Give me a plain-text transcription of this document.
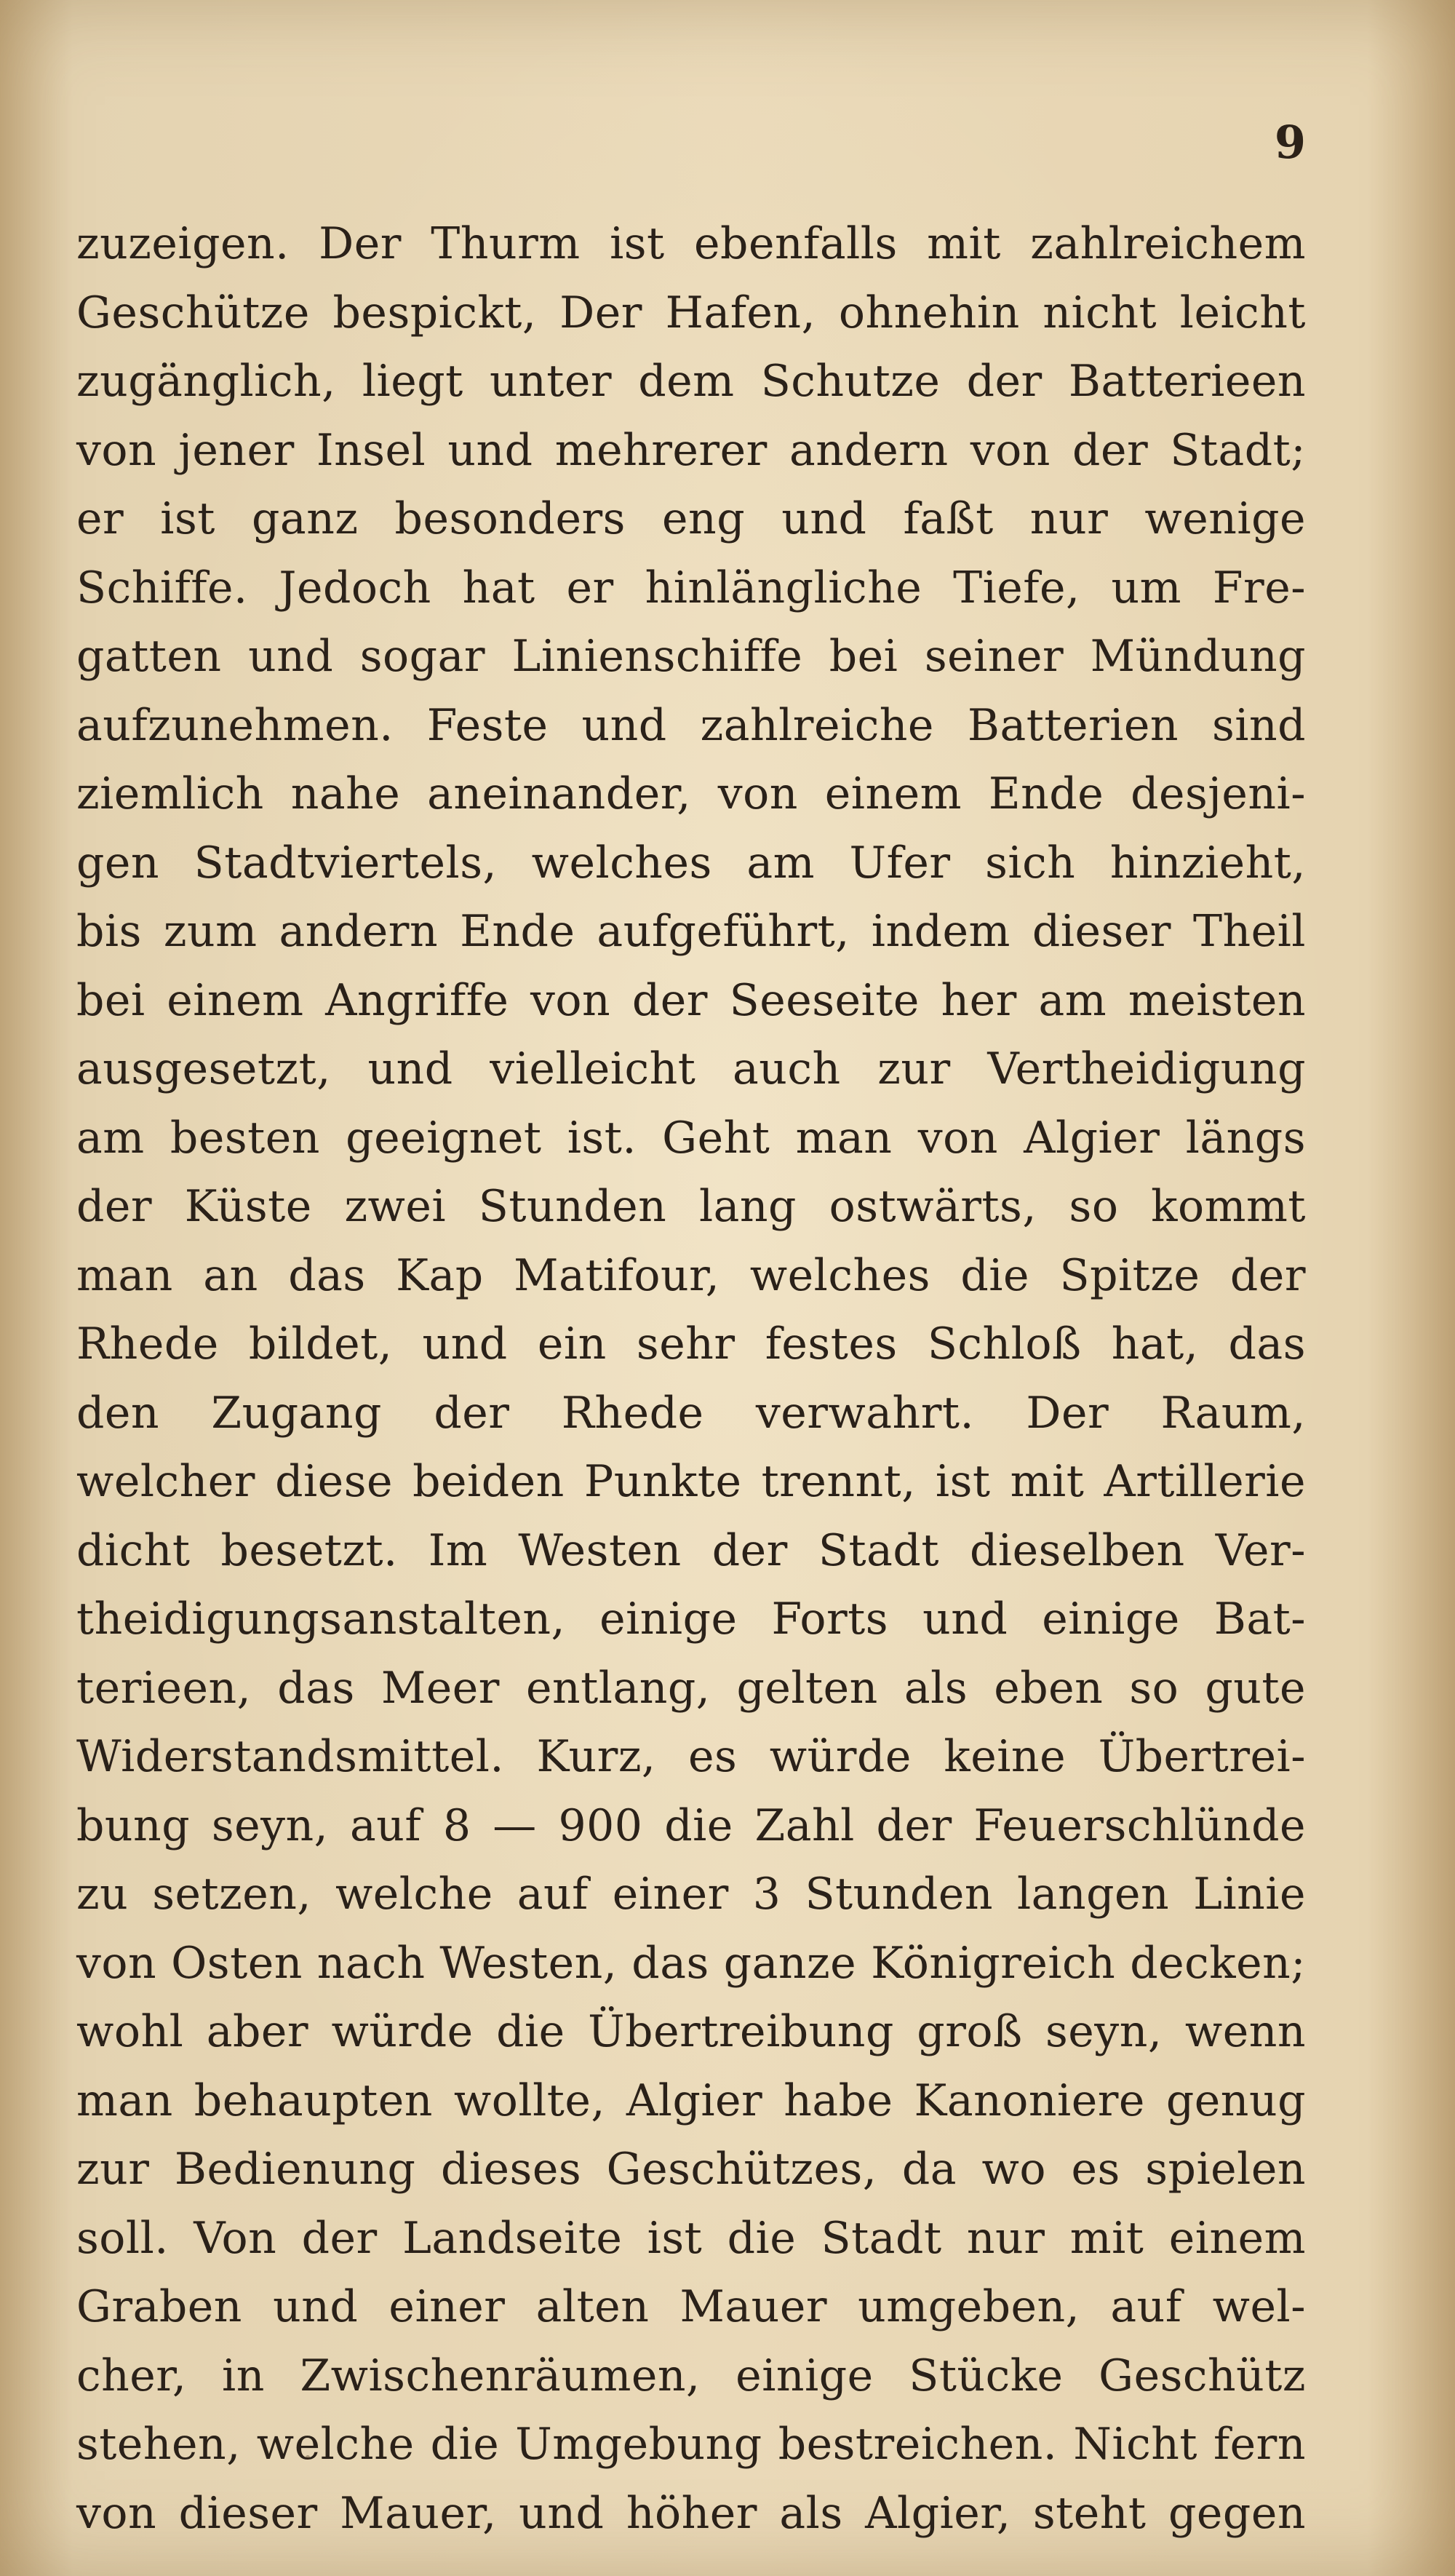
9
zuzeigen. Der Thurm ist ebenfalls mit zahlreichem
Geschütze bespickt, Der Hafen, ohnehin nicht leicht
zugänglich, liegt unter dem Schutze der Batterieen
von jener Insel und mehrerer andern von der Stadt;
er ist ganz besonders eng und faßt nur wenige
Schiffe. Jedoch hat er hinlängliche Tiefe, um Fre-
gatten und sogar Linienschiffe bei seiner Mündung
aufzunehmen. Feste und zahlreiche Batterien sind
ziemlich nahe aneinander, von einem Ende desjeni-
gen Stadtviertels, welches am Ufer sich hinzieht,
bis zum andern Ende aufgeführt, indem dieser Theil
bei einem Angriffe von der Seeseite her am meisten
ausgesetzt, und vielleicht auch zur Vertheidigung
am besten geeignet ist. Geht man von Algier längs
der Küste zwei Stunden lang ostwärts, so kommt
man an das Kap Matifour, welches die Spitze der
Rhede bildet, und ein sehr festes Schloß hat, das
den Zugang der Rhede verwahrt. Der Raum,
welcher diese beiden Punkte trennt, ist mit Artillerie
dicht besetzt. Im Westen der Stadt dieselben Ver-
theidigungsanstalten, einige Forts und einige Bat-
terieen, das Meer entlang, gelten als eben so gute
Widerstandsmittel. Kurz, es würde keine Übertrei-
bung seyn, auf 8 — 900 die Zahl der Feuerschlünde
zu setzen, welche auf einer 3 Stunden langen Linie
von Osten nach Westen, das ganze Königreich decken;
wohl aber würde die Übertreibung groß seyn, wenn
man behaupten wollte, Algier habe Kanoniere genug
zur Bedienung dieses Geschützes, da wo es spielen
soll. Von der Landseite ist die Stadt nur mit einem
Graben und einer alten Mauer umgeben, auf wel-
cher, in Zwischenräumen, einige Stücke Geschütz
stehen, welche die Umgebung bestreichen. Nicht fern
von dieser Mauer, und höher als Algier, steht gegen
